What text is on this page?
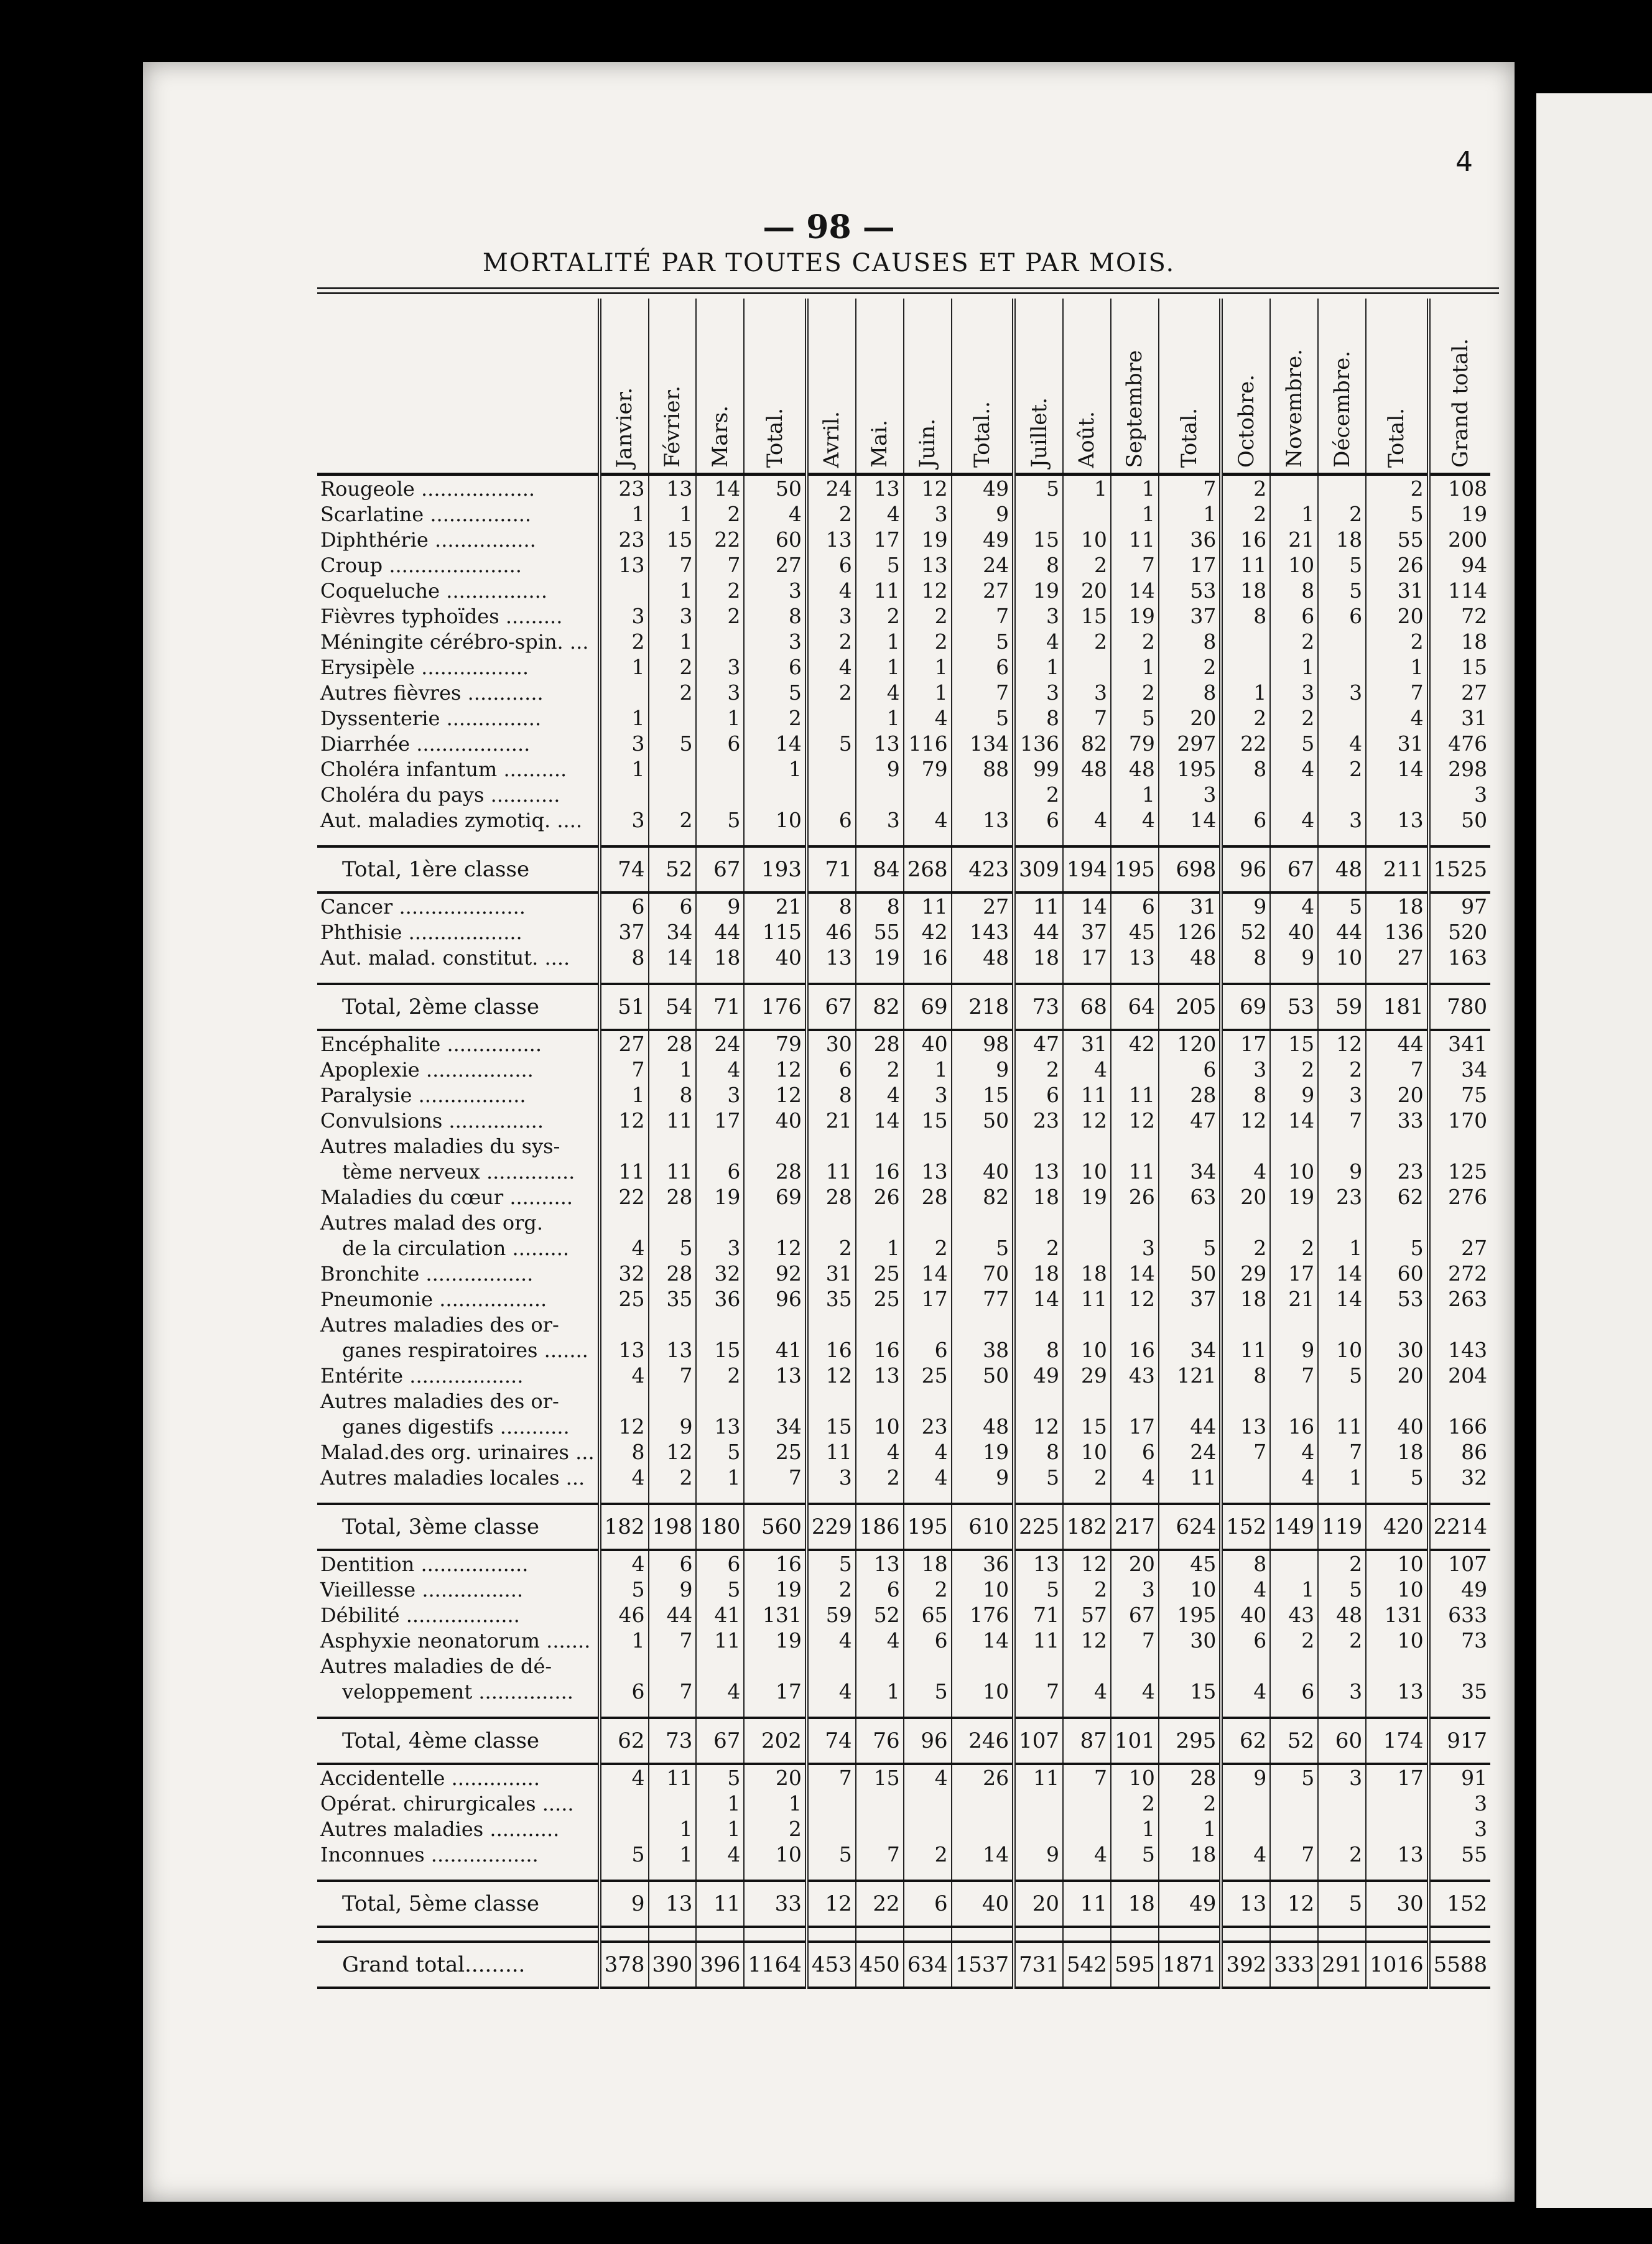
4
— 98 —
MORTALITÉ PAR TOUTES CAUSES ET PAR MOIS.
	Janvier.	Février.	Mars.	Total.	Avril.	Mai.	Juin.	Total..	Juillet.	Août.	Septembre	Total.	Octobre.	Novembre.	Décembre.	Total.	Grand total.
Rougeole ..................	23	13	14	50	24	13	12	49	5	1	1	7	2			2	108
Scarlatine ................	1	1	2	4	2	4	3	9			1	1	2	1	2	5	19
Diphthérie ................	23	15	22	60	13	17	19	49	15	10	11	36	16	21	18	55	200
Croup .....................	13	7	7	27	6	5	13	24	8	2	7	17	11	10	5	26	94
Coqueluche ................		1	2	3	4	11	12	27	19	20	14	53	18	8	5	31	114
Fièvres typhoïdes .........	3	3	2	8	3	2	2	7	3	15	19	37	8	6	6	20	72
Méningite cérébro-spin. ...	2	1		3	2	1	2	5	4	2	2	8		2		2	18
Erysipèle .................	1	2	3	6	4	1	1	6	1		1	2		1		1	15
Autres fièvres ............		2	3	5	2	4	1	7	3	3	2	8	1	3	3	7	27
Dyssenterie ...............	1		1	2		1	4	5	8	7	5	20	2	2		4	31
Diarrhée ..................	3	5	6	14	5	13	116	134	136	82	79	297	22	5	4	31	476
Choléra infantum ..........	1			1		9	79	88	99	48	48	195	8	4	2	14	298
Choléra du pays ...........									2		1	3					3
Aut. maladies zymotiq. ....	3	2	5	10	6	3	4	13	6	4	4	14	6	4	3	13	50

Total, 1ère classe	74	52	67	193	71	84	268	423	309	194	195	698	96	67	48	211	1525
Cancer ....................	6	6	9	21	8	8	11	27	11	14	6	31	9	4	5	18	97
Phthisie ..................	37	34	44	115	46	55	42	143	44	37	45	126	52	40	44	136	520
Aut. malad. constitut. ....	8	14	18	40	13	19	16	48	18	17	13	48	8	9	10	27	163

Total, 2ème classe	51	54	71	176	67	82	69	218	73	68	64	205	69	53	59	181	780
Encéphalite ...............	27	28	24	79	30	28	40	98	47	31	42	120	17	15	12	44	341
Apoplexie .................	7	1	4	12	6	2	1	9	2	4		6	3	2	2	7	34
Paralysie .................	1	8	3	12	8	4	3	15	6	11	11	28	8	9	3	20	75
Convulsions ...............	12	11	17	40	21	14	15	50	23	12	12	47	12	14	7	33	170
Autres maladies du sys-																	
tème nerveux ..............	11	11	6	28	11	16	13	40	13	10	11	34	4	10	9	23	125
Maladies du cœur ..........	22	28	19	69	28	26	28	82	18	19	26	63	20	19	23	62	276
Autres malad des org.																	
de la circulation .........	4	5	3	12	2	1	2	5	2		3	5	2	2	1	5	27
Bronchite .................	32	28	32	92	31	25	14	70	18	18	14	50	29	17	14	60	272
Pneumonie .................	25	35	36	96	35	25	17	77	14	11	12	37	18	21	14	53	263
Autres maladies des or-																	
ganes respiratoires .......	13	13	15	41	16	16	6	38	8	10	16	34	11	9	10	30	143
Entérite ..................	4	7	2	13	12	13	25	50	49	29	43	121	8	7	5	20	204
Autres maladies des or-																	
ganes digestifs ...........	12	9	13	34	15	10	23	48	12	15	17	44	13	16	11	40	166
Malad.des org. urinaires ...	8	12	5	25	11	4	4	19	8	10	6	24	7	4	7	18	86
Autres maladies locales ...	4	2	1	7	3	2	4	9	5	2	4	11		4	1	5	32

Total, 3ème classe	182	198	180	560	229	186	195	610	225	182	217	624	152	149	119	420	2214
Dentition .................	4	6	6	16	5	13	18	36	13	12	20	45	8		2	10	107
Vieillesse ................	5	9	5	19	2	6	2	10	5	2	3	10	4	1	5	10	49
Débilité ..................	46	44	41	131	59	52	65	176	71	57	67	195	40	43	48	131	633
Asphyxie neonatorum .......	1	7	11	19	4	4	6	14	11	12	7	30	6	2	2	10	73
Autres maladies de dé-																	
veloppement ...............	6	7	4	17	4	1	5	10	7	4	4	15	4	6	3	13	35

Total, 4ème classe	62	73	67	202	74	76	96	246	107	87	101	295	62	52	60	174	917
Accidentelle ..............	4	11	5	20	7	15	4	26	11	7	10	28	9	5	3	17	91
Opérat. chirurgicales .....			1	1							2	2					3
Autres maladies ...........		1	1	2							1	1					3
Inconnues .................	5	1	4	10	5	7	2	14	9	4	5	18	4	7	2	13	55

Total, 5ème classe	9	13	11	33	12	22	6	40	20	11	18	49	13	12	5	30	152

Grand total.........	378	390	396	1164	453	450	634	1537	731	542	595	1871	392	333	291	1016	5588
